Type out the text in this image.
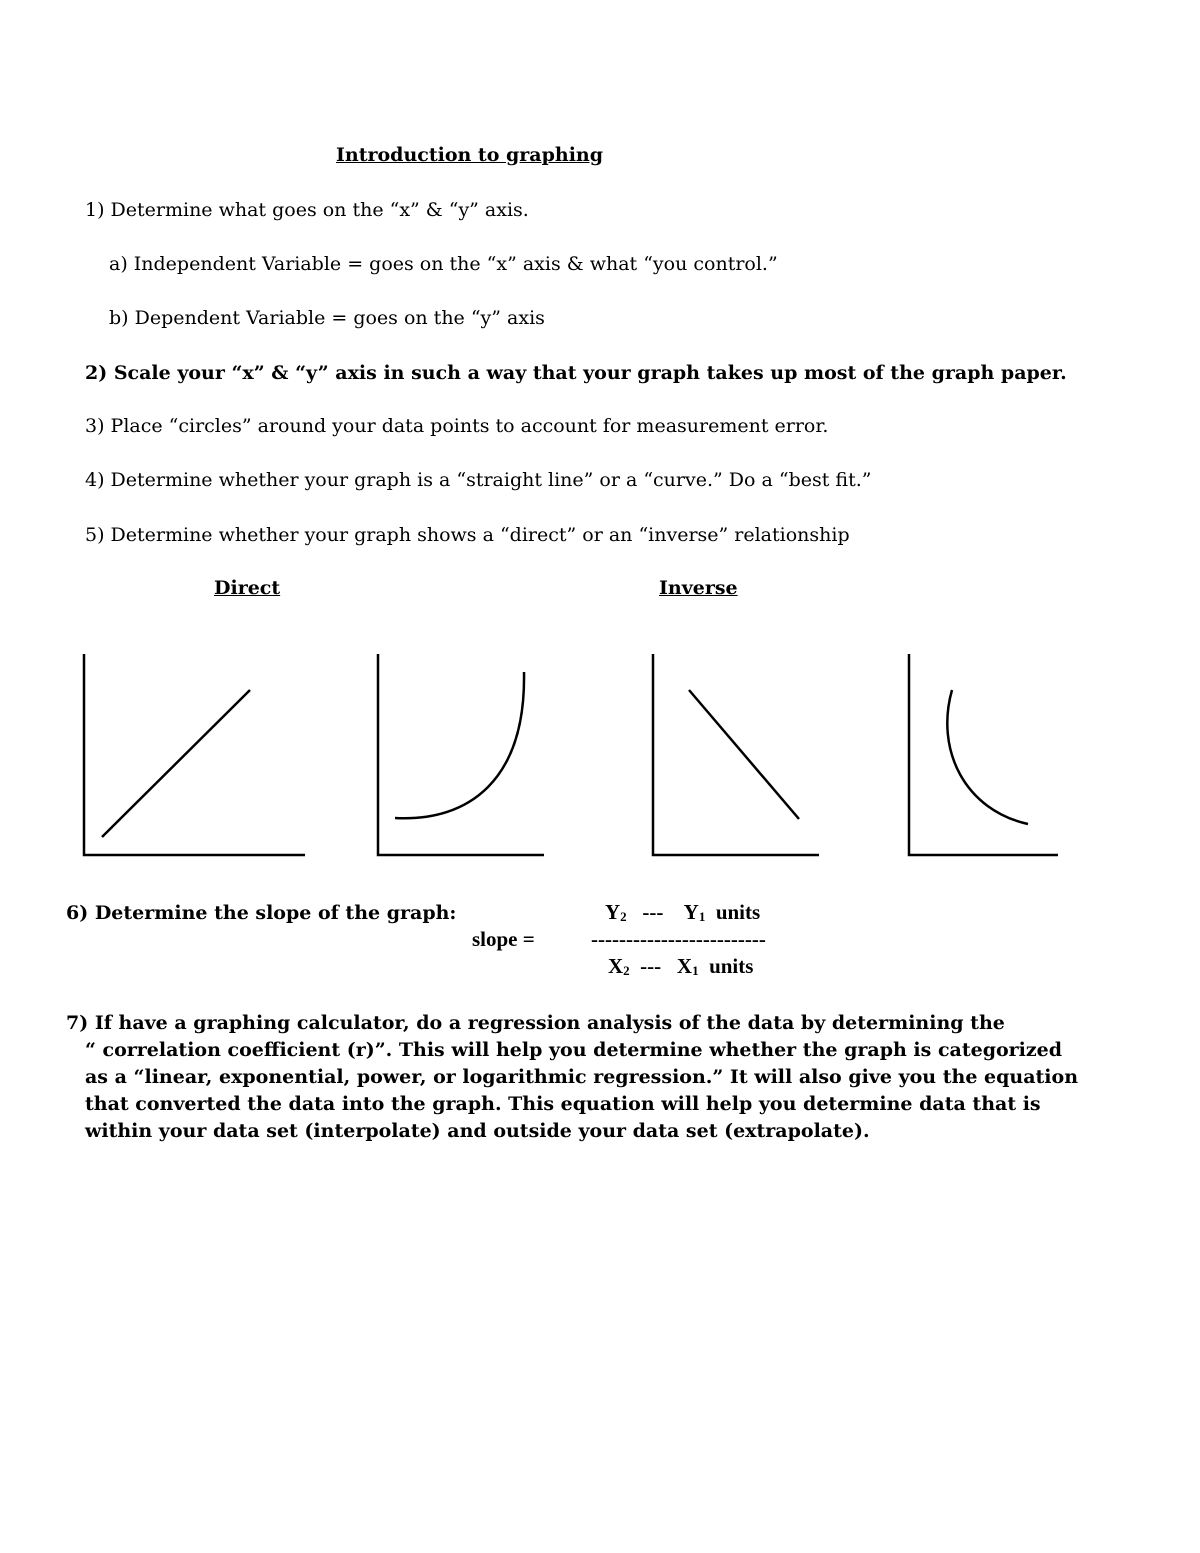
Introduction to graphing
1) Determine what goes on the “x” & “y” axis.
a) Independent Variable = goes on the “x” axis & what “you control.”
b) Dependent Variable = goes on the “y” axis
2) Scale your “x” & “y” axis in such a way that your graph takes up most of the graph paper.
3) Place “circles” around your data points to account for measurement error.
4) Determine whether your graph is a “straight line” or a “curve.” Do a “best fit.”
5) Determine whether your graph shows a “direct” or an “inverse” relationship
Direct	Inverse
6) Determine the slope of the graph:	Y2 --- Y1 units
slope =	-------------------------
X2 --- X1 units
7) If have a graphing calculator, do a regression analysis of the data by determining the
“ correlation coefficient (r)”. This will help you determine whether the graph is categorized
as a “linear, exponential, power, or logarithmic regression.” It will also give you the equation
that converted the data into the graph. This equation will help you determine data that is
within your data set (interpolate) and outside your data set (extrapolate).
